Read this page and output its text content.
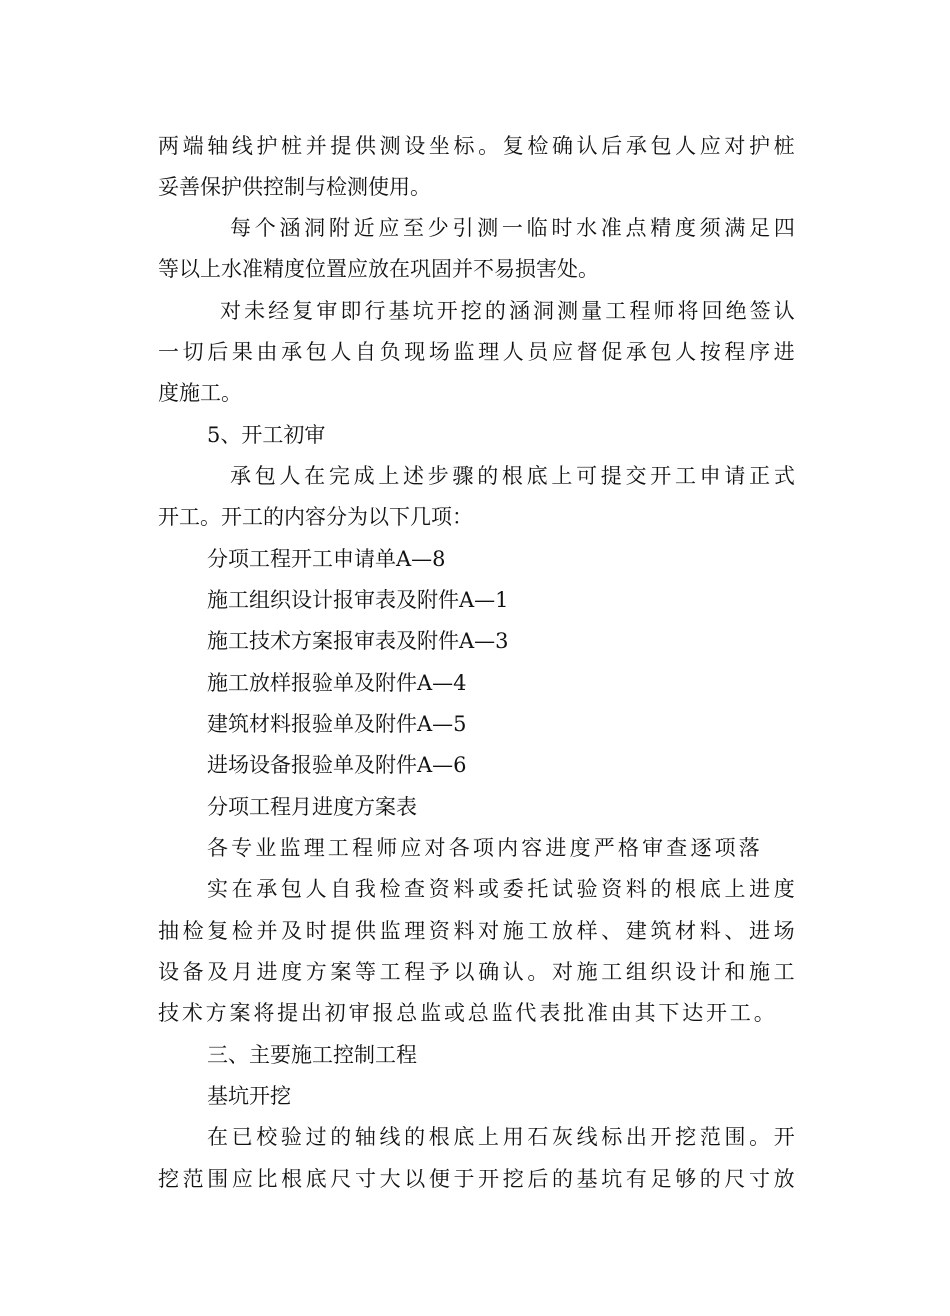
两 端 轴 线 护 桩 并 提 供 测 设 坐 标 。 复 检 确 认 后 承 包 人 应 对 护 桩
妥善保护供控制与检测使用。
每 个 涵 洞 附 近 应 至 少 引 测 一 临 时 水 准 点 精 度 须 满 足 四
等以上水准精度位置应放在巩固并不易损害处。
对 未 经 复 审 即 行 基 坑 开 挖 的 涵 洞 测 量 工 程 师 将 回 绝 签 认
一 切 后 果 由 承 包 人 自 负 现 场 监 理 人 员 应 督 促 承 包 人 按 程 序 进
度施工。
5、开工初审
承 包 人 在 完 成 上 述 步 骤 的 根 底 上 可 提 交 开 工 申 请 正 式
开工。开工的内容分为以下几项：
分项工程开工申请单A—8
施工组织设计报审表及附件A—1
施工技术方案报审表及附件A—3
施工放样报验单及附件A—4
建筑材料报验单及附件A—5
进场设备报验单及附件A—6
分项工程月进度方案表
各 专 业 监 理 工 程 师 应 对 各 项 内 容 进 度 严 格 审 查 逐 项 落
实 在 承 包 人 自 我 检 查 资 料 或 委 托 试 验 资 料 的 根 底 上 进 度
抽 检 复 检 并 及 时 提 供 监 理 资 料 对 施 工 放 样 、 建 筑 材 料 、 进 场
设 备 及 月 进 度 方 案 等 工 程 予 以 确 认 。 对 施 工 组 织 设 计 和 施 工
技 术 方 案 将 提 出 初 审 报 总 监 或 总 监 代 表 批 准 由 其 下 达 开 工 。
三、主要施工控制工程
基坑开挖
在 已 校 验 过 的 轴 线 的 根 底 上 用 石 灰 线 标 出 开 挖 范 围 。 开
挖 范 围 应 比 根 底 尺 寸 大 以 便 于 开 挖 后 的 基 坑 有 足 够 的 尺 寸 放
